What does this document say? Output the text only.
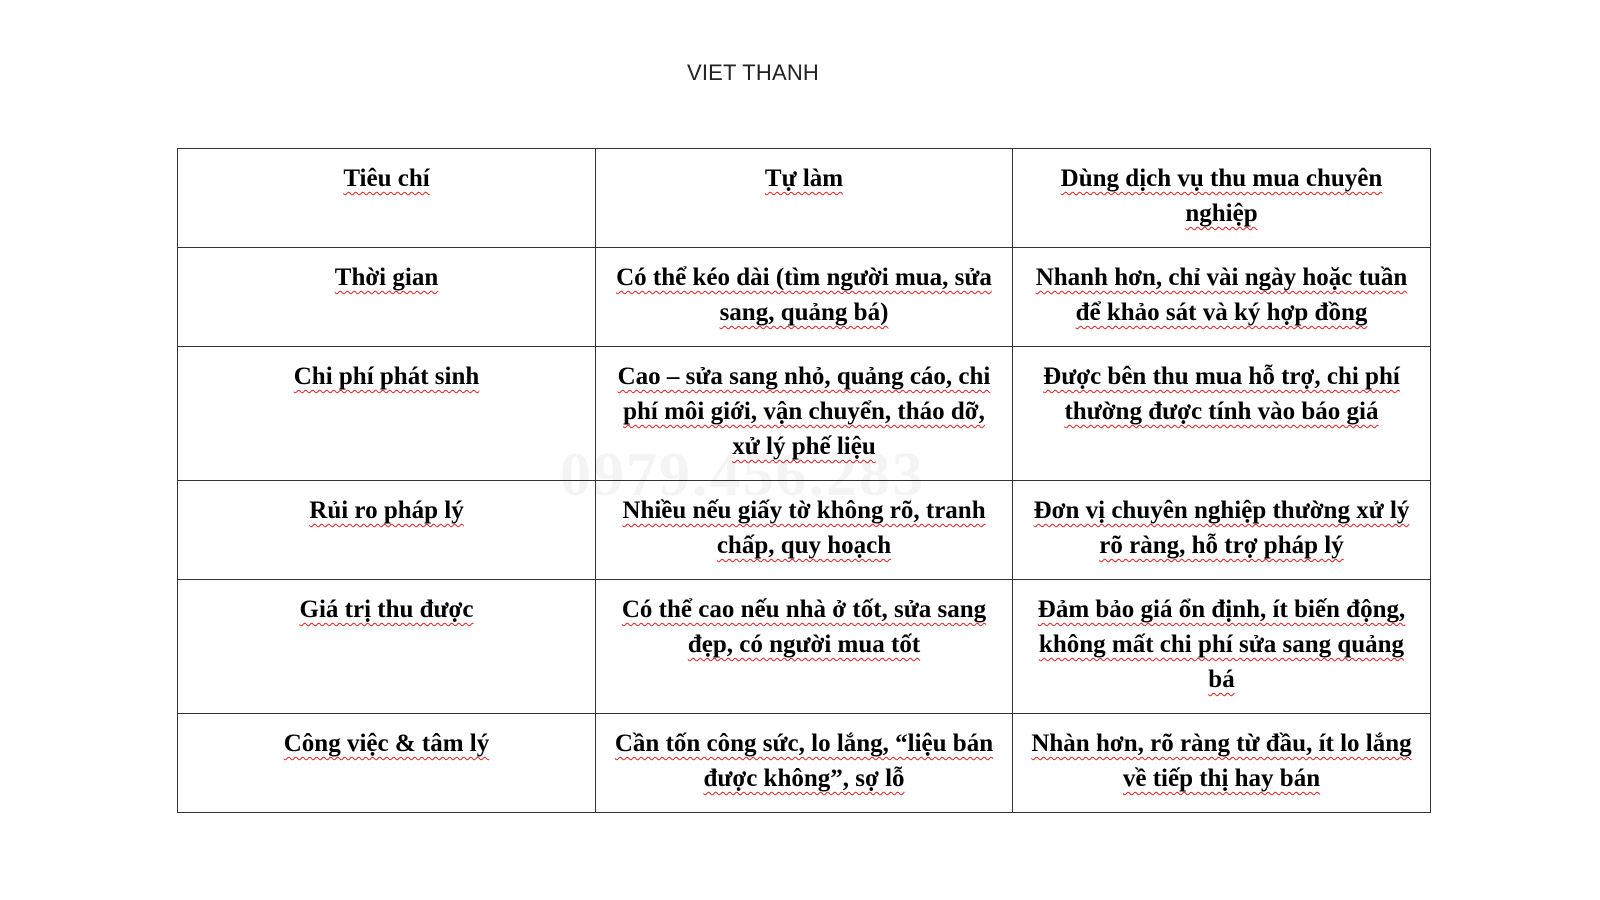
VIET THANH
Tiêu chí	Tự làm	Dùng dịch vụ thu mua chuyên nghiệp
Thời gian	Có thể kéo dài (tìm người mua, sửa sang, quảng bá)	Nhanh hơn, chỉ vài ngày hoặc tuần để khảo sát và ký hợp đồng
Chi phí phát sinh	Cao – sửa sang nhỏ, quảng cáo, chi phí môi giới, vận chuyển, tháo dỡ, xử lý phế liệu	Được bên thu mua hỗ trợ, chi phí thường được tính vào báo giá
Rủi ro pháp lý	Nhiều nếu giấy tờ không rõ, tranh chấp, quy hoạch	Đơn vị chuyên nghiệp thường xử lý rõ ràng, hỗ trợ pháp lý
Giá trị thu được	Có thể cao nếu nhà ở tốt, sửa sang đẹp, có người mua tốt	Đảm bảo giá ổn định, ít biến động, không mất chi phí sửa sang quảng bá
Công việc & tâm lý	Cần tốn công sức, lo lắng, “liệu bán được không”, sợ lỗ	Nhàn hơn, rõ ràng từ đầu, ít lo lắng về tiếp thị hay bán
